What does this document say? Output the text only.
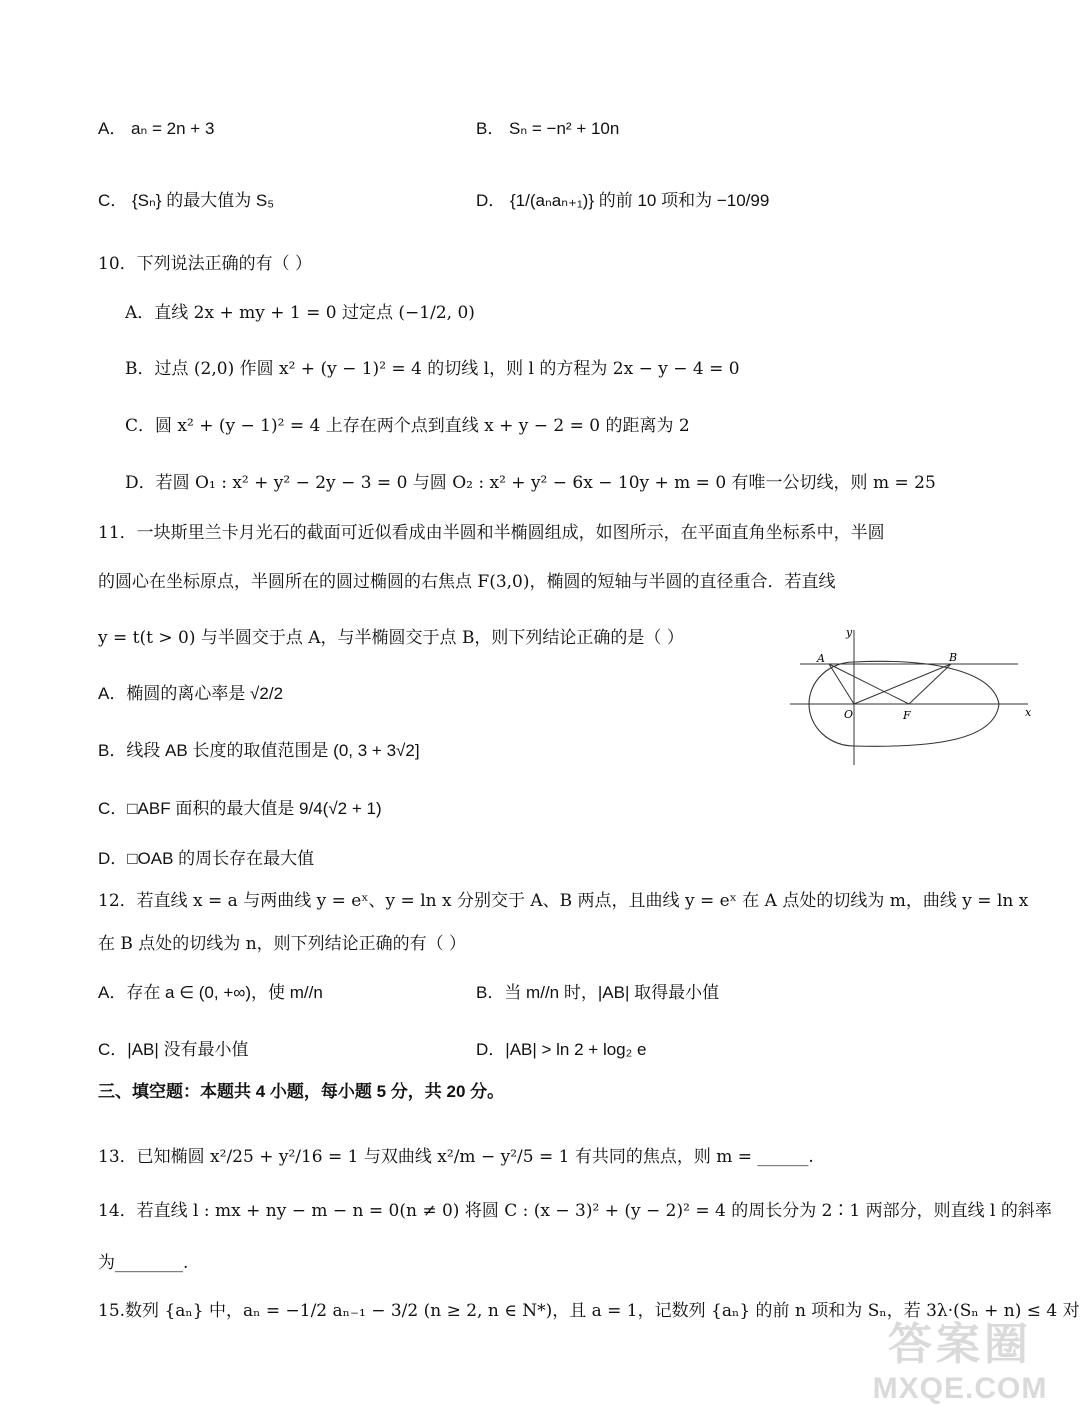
A． aₙ = 2n + 3	B． Sₙ = −n² + 10n
C． {Sₙ} 的最大值为 S₅	D． {1/(aₙaₙ₊₁)} 的前 10 项和为 −10/99
10．下列说法正确的有（ ）
A．直线 2x + my + 1 = 0 过定点 (−1/2, 0)
B．过点 (2,0) 作圆 x² + (y − 1)² = 4 的切线 l，则 l 的方程为 2x − y − 4 = 0
C．圆 x² + (y − 1)² = 4 上存在两个点到直线 x + y − 2 = 0 的距离为 2
D．若圆 O₁ : x² + y² − 2y − 3 = 0 与圆 O₂ : x² + y² − 6x − 10y + m = 0 有唯一公切线，则 m = 25
11．一块斯里兰卡月光石的截面可近似看成由半圆和半椭圆组成，如图所示，在平面直角坐标系中，半圆
的圆心在坐标原点，半圆所在的圆过椭圆的右焦点 F(3,0)，椭圆的短轴与半圆的直径重合．若直线
y = t(t > 0) 与半圆交于点 A，与半椭圆交于点 B，则下列结论正确的是（ ）
A．椭圆的离心率是 √2/2
B．线段 AB 长度的取值范围是 (0, 3 + 3√2]
C．□ABF 面积的最大值是 9/4(√2 + 1)
D．□OAB 的周长存在最大值
y
x
A	B
O	F
12．若直线 x = a 与两曲线 y = eˣ、y = ln x 分别交于 A、B 两点，且曲线 y = eˣ 在 A 点处的切线为 m，曲线 y = ln x
在 B 点处的切线为 n，则下列结论正确的有（ ）
A．存在 a ∈ (0, +∞)，使 m//n	B．当 m//n 时，|AB| 取得最小值
C．|AB| 没有最小值	D．|AB| > ln 2 + log₂ e
三、填空题：本题共 4 小题，每小题 5 分，共 20 分。
13．已知椭圆 x²/25 + y²/16 = 1 与双曲线 x²/m − y²/5 = 1 有共同的焦点，则 m = ______.
14．若直线 l : mx + ny − m − n = 0(n ≠ 0) 将圆 C : (x − 3)² + (y − 2)² = 4 的周长分为 2∶1 两部分，则直线 l 的斜率
为________.
15.数列 {aₙ} 中，aₙ = −1/2 aₙ₋₁ − 3/2 (n ≥ 2, n ∈ N*)，且 a = 1，记数列 {aₙ} 的前 n 项和为 Sₙ，若 3λ·(Sₙ + n) ≤ 4 对
答案圈
MXQE.COM
